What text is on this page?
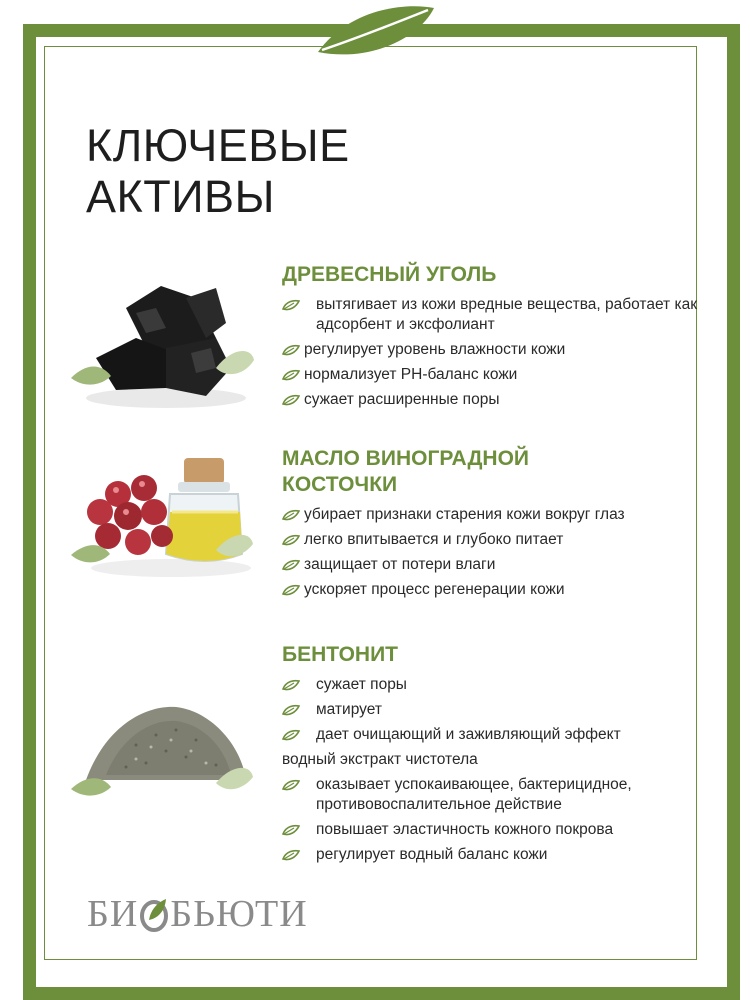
КЛЮЧЕВЫЕ
АКТИВЫ
ДРЕВЕСНЫЙ УГОЛЬ
вытягивает из кожи вредные вещества, работает как адсорбент и эксфолиант
регулирует уровень влажности кожи
нормализует РН-баланс кожи
сужает расширенные поры
МАСЛО ВИНОГРАДНОЙ
КОСТОЧКИ
убирает признаки старения кожи вокруг глаз
легко впитывается и глубоко питает
защищает от потери влаги
ускоряет процесс регенерации кожи
БЕНТОНИТ
сужает поры
матирует
дает очищающий и заживляющий эффект

водный экстракт чистотела

оказывает успокаивающее, бактерицидное, противовоспалительное действие
повышает эластичность кожного покрова
регулирует водный баланс кожи
БИ БЬЮТИ
